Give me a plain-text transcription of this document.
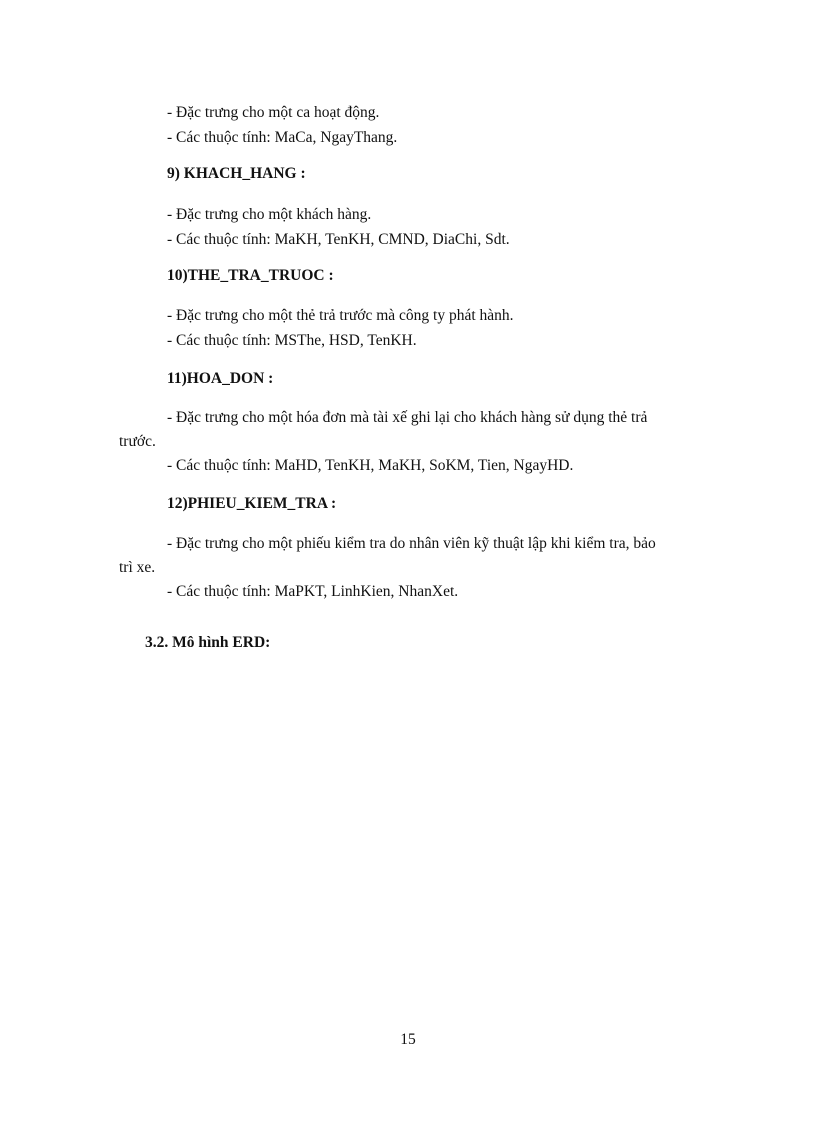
- Đặc trưng cho một ca hoạt động.
- Các thuộc tính: MaCa, NgayThang.
9) KHACH_HANG :
- Đặc trưng cho một khách hàng.
- Các thuộc tính: MaKH, TenKH, CMND, DiaChi, Sdt.
10)THE_TRA_TRUOC :
- Đặc trưng cho một thẻ trả trước mà công ty phát hành.
- Các thuộc tính: MSThe, HSD, TenKH.
11)HOA_DON :
- Đặc trưng cho một hóa đơn mà tài xế ghi lại cho khách hàng sử dụng thẻ trả
trước.
- Các thuộc tính: MaHD, TenKH, MaKH, SoKM, Tien, NgayHD.
12)PHIEU_KIEM_TRA :
- Đặc trưng cho một phiếu kiểm tra do nhân viên kỹ thuật lập khi kiểm tra, bảo
trì xe.
- Các thuộc tính: MaPKT, LinhKien, NhanXet.
3.2. Mô hình ERD:
15
